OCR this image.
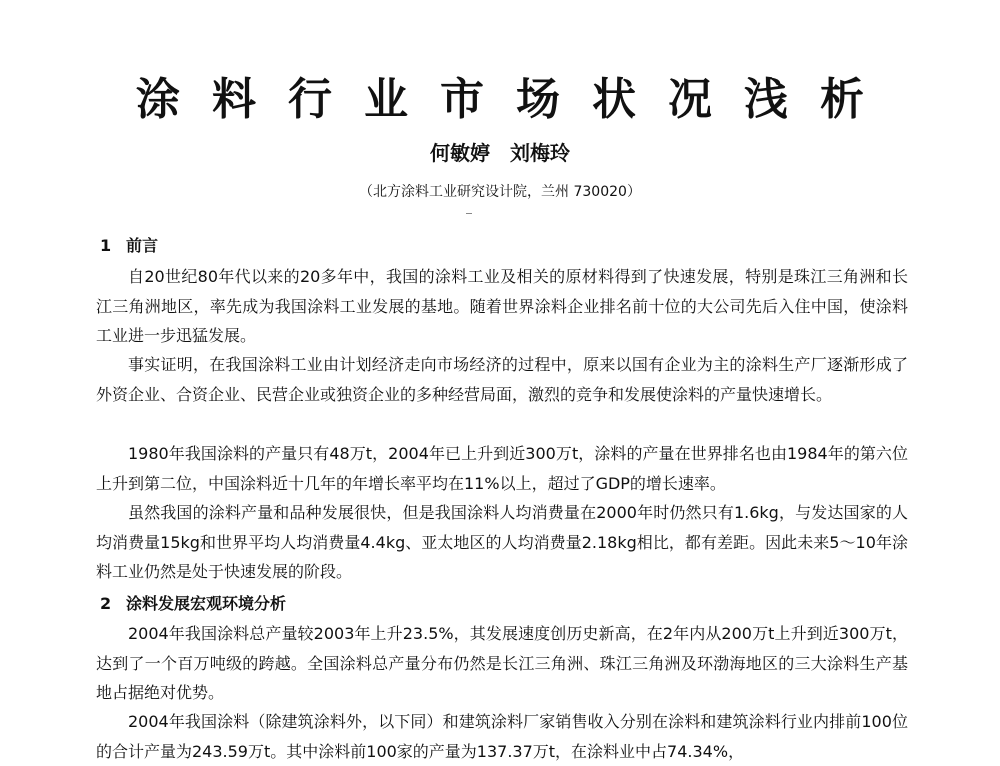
涂料行业市场状况浅析
何敏婷　刘梅玲
（北方涂料工业研究设计院，兰州 730020）
1 前言

自20世纪80年代以来的20多年中，我国的涂料工业及相关的原材料得到了快速发展，特别是珠江三角洲和长江三角洲地区，率先成为我国涂料工业发展的基地。随着世界涂料企业排名前十位的大公司先后入住中国，使涂料工业进一步迅猛发展。

事实证明，在我国涂料工业由计划经济走向市场经济的过程中，原来以国有企业为主的涂料生产厂逐渐形成了外资企业、合资企业、民营企业或独资企业的多种经营局面，激烈的竞争和发展使涂料的产量快速增长。

1980年我国涂料的产量只有48万t，2004年已上升到近300万t，涂料的产量在世界排名也由1984年的第六位上升到第二位，中国涂料近十几年的年增长率平均在11%以上，超过了GDP的增长速率。

虽然我国的涂料产量和品种发展很快，但是我国涂料人均消费量在2000年时仍然只有1.6kg，与发达国家的人均消费量15kg和世界平均人均消费量4.4kg、亚太地区的人均消费量2.18kg相比，都有差距。因此未来5～10年涂料工业仍然是处于快速发展的阶段。

2 涂料发展宏观环境分析

2004年我国涂料总产量较2003年上升23.5%，其发展速度创历史新高，在2年内从200万t上升到近300万t，达到了一个百万吨级的跨越。全国涂料总产量分布仍然是长江三角洲、珠江三角洲及环渤海地区的三大涂料生产基地占据绝对优势。

2004年我国涂料（除建筑涂料外，以下同）和建筑涂料厂家销售收入分别在涂料和建筑涂料行业内排前100位的合计产量为243.59万t。其中涂料前100家的产量为137.37万t，在涂料业中占74.34%，
